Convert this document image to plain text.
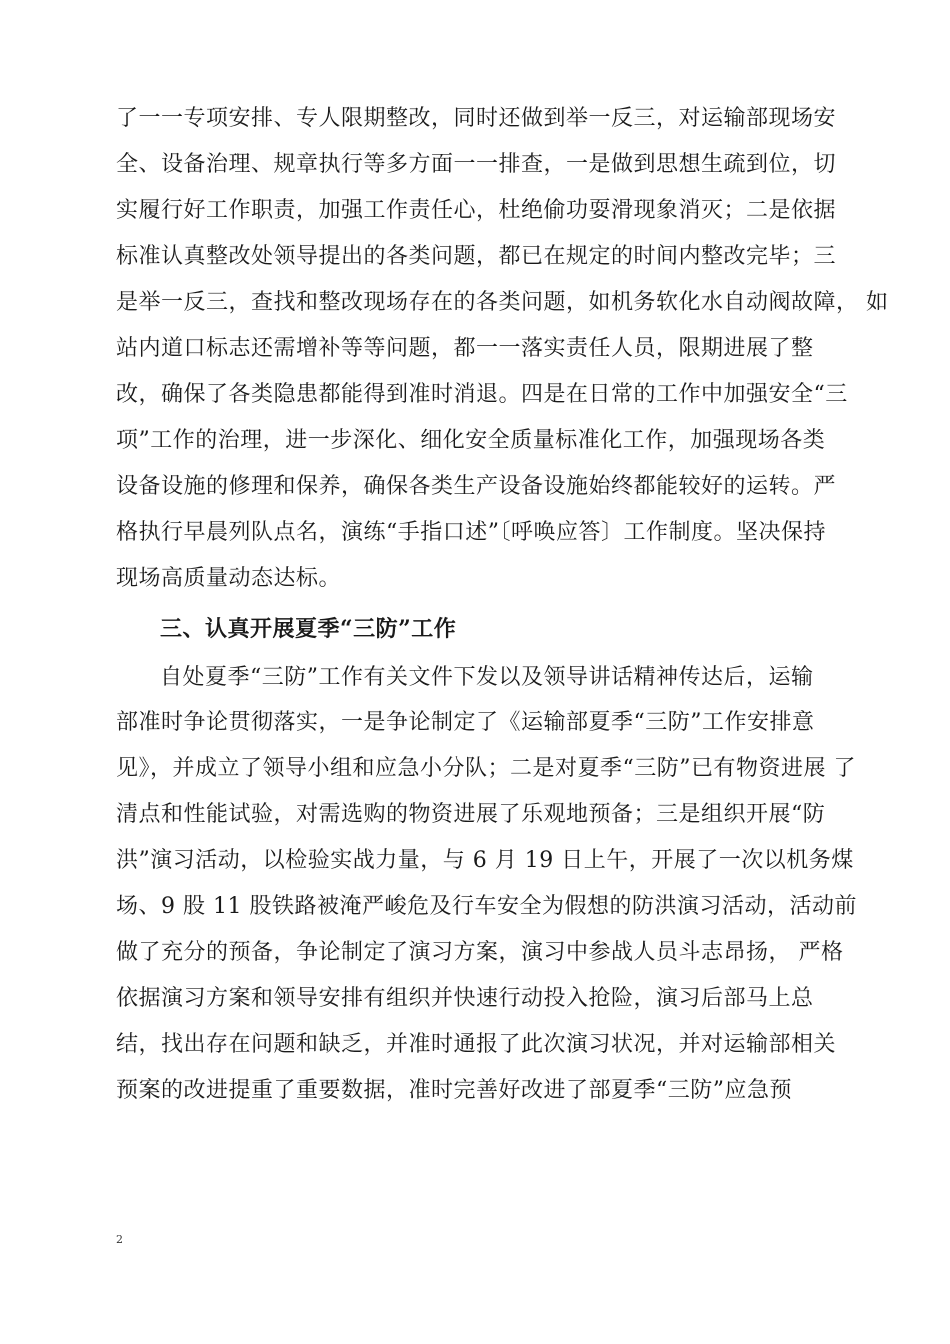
了一一专项安排、专人限期整改，同时还做到举一反三，对运输部现场安
全、设备治理、规章执行等多方面一一排查，一是做到思想生疏到位，切
实履行好工作职责，加强工作责任心，杜绝偷功耍滑现象消灭；二是依据
标准认真整改处领导提出的各类问题，都已在规定的时间内整改完毕；三
是举一反三，查找和整改现场存在的各类问题，如机务软化水自动阀故障， 如
站内道口标志还需增补等等问题，都一一落实责任人员，限期进展了整
改，确保了各类隐患都能得到准时消退。四是在日常的工作中加强安全“三
项”工作的治理，进一步深化、细化安全质量标准化工作，加强现场各类
设备设施的修理和保养，确保各类生产设备设施始终都能较好的运转。严
格执行早晨列队点名，演练“手指口述”〔呼唤应答〕工作制度。坚决保持
现场高质量动态达标。
三、认真开展夏季“三防”工作
自处夏季“三防”工作有关文件下发以及领导讲话精神传达后，运输
部准时争论贯彻落实，一是争论制定了《运输部夏季“三防”工作安排意
见》，并成立了领导小组和应急小分队；二是对夏季“三防”已有物资进展 了
清点和性能试验，对需选购的物资进展了乐观地预备；三是组织开展“防
洪”演习活动，以检验实战力量，与 6 月 19 日上午，开展了一次以机务煤
场、9 股 11 股铁路被淹严峻危及行车安全为假想的防洪演习活动，活动前
做了充分的预备，争论制定了演习方案，演习中参战人员斗志昂扬， 严格
依据演习方案和领导安排有组织并快速行动投入抢险，演习后部马上总
结，找出存在问题和缺乏，并准时通报了此次演习状况，并对运输部相关
预案的改进提重了重要数据，准时完善好改进了部夏季“三防”应急预
2
